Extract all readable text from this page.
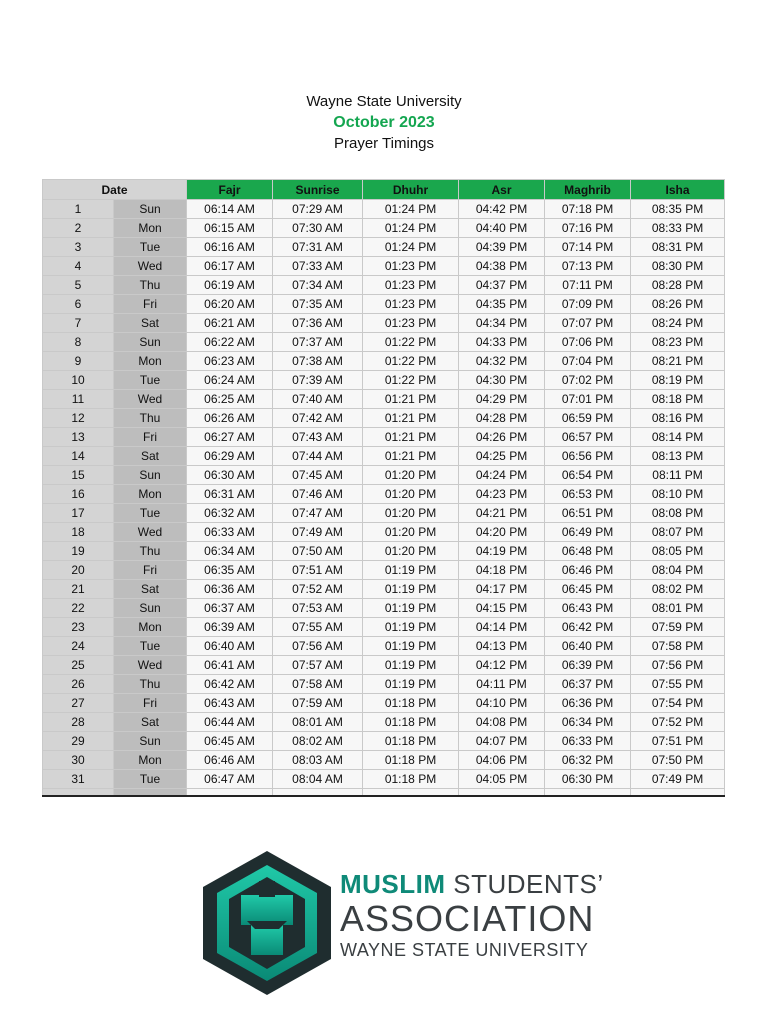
Wayne State University
October 2023
Prayer Timings
Date		Fajr	Sunrise	Dhuhr	Asr	Maghrib	Isha
1	Sun	06:14 AM	07:29 AM	01:24 PM	04:42 PM	07:18 PM	08:35 PM
2	Mon	06:15 AM	07:30 AM	01:24 PM	04:40 PM	07:16 PM	08:33 PM
3	Tue	06:16 AM	07:31 AM	01:24 PM	04:39 PM	07:14 PM	08:31 PM
4	Wed	06:17 AM	07:33 AM	01:23 PM	04:38 PM	07:13 PM	08:30 PM
5	Thu	06:19 AM	07:34 AM	01:23 PM	04:37 PM	07:11 PM	08:28 PM
6	Fri	06:20 AM	07:35 AM	01:23 PM	04:35 PM	07:09 PM	08:26 PM
7	Sat	06:21 AM	07:36 AM	01:23 PM	04:34 PM	07:07 PM	08:24 PM
8	Sun	06:22 AM	07:37 AM	01:22 PM	04:33 PM	07:06 PM	08:23 PM
9	Mon	06:23 AM	07:38 AM	01:22 PM	04:32 PM	07:04 PM	08:21 PM
10	Tue	06:24 AM	07:39 AM	01:22 PM	04:30 PM	07:02 PM	08:19 PM
11	Wed	06:25 AM	07:40 AM	01:21 PM	04:29 PM	07:01 PM	08:18 PM
12	Thu	06:26 AM	07:42 AM	01:21 PM	04:28 PM	06:59 PM	08:16 PM
13	Fri	06:27 AM	07:43 AM	01:21 PM	04:26 PM	06:57 PM	08:14 PM
14	Sat	06:29 AM	07:44 AM	01:21 PM	04:25 PM	06:56 PM	08:13 PM
15	Sun	06:30 AM	07:45 AM	01:20 PM	04:24 PM	06:54 PM	08:11 PM
16	Mon	06:31 AM	07:46 AM	01:20 PM	04:23 PM	06:53 PM	08:10 PM
17	Tue	06:32 AM	07:47 AM	01:20 PM	04:21 PM	06:51 PM	08:08 PM
18	Wed	06:33 AM	07:49 AM	01:20 PM	04:20 PM	06:49 PM	08:07 PM
19	Thu	06:34 AM	07:50 AM	01:20 PM	04:19 PM	06:48 PM	08:05 PM
20	Fri	06:35 AM	07:51 AM	01:19 PM	04:18 PM	06:46 PM	08:04 PM
21	Sat	06:36 AM	07:52 AM	01:19 PM	04:17 PM	06:45 PM	08:02 PM
22	Sun	06:37 AM	07:53 AM	01:19 PM	04:15 PM	06:43 PM	08:01 PM
23	Mon	06:39 AM	07:55 AM	01:19 PM	04:14 PM	06:42 PM	07:59 PM
24	Tue	06:40 AM	07:56 AM	01:19 PM	04:13 PM	06:40 PM	07:58 PM
25	Wed	06:41 AM	07:57 AM	01:19 PM	04:12 PM	06:39 PM	07:56 PM
26	Thu	06:42 AM	07:58 AM	01:19 PM	04:11 PM	06:37 PM	07:55 PM
27	Fri	06:43 AM	07:59 AM	01:18 PM	04:10 PM	06:36 PM	07:54 PM
28	Sat	06:44 AM	08:01 AM	01:18 PM	04:08 PM	06:34 PM	07:52 PM
29	Sun	06:45 AM	08:02 AM	01:18 PM	04:07 PM	06:33 PM	07:51 PM
30	Mon	06:46 AM	08:03 AM	01:18 PM	04:06 PM	06:32 PM	07:50 PM
31	Tue	06:47 AM	08:04 AM	01:18 PM	04:05 PM	06:30 PM	07:49 PM

MUSLIM STUDENTS’
ASSOCIATION
WAYNE STATE UNIVERSITY
